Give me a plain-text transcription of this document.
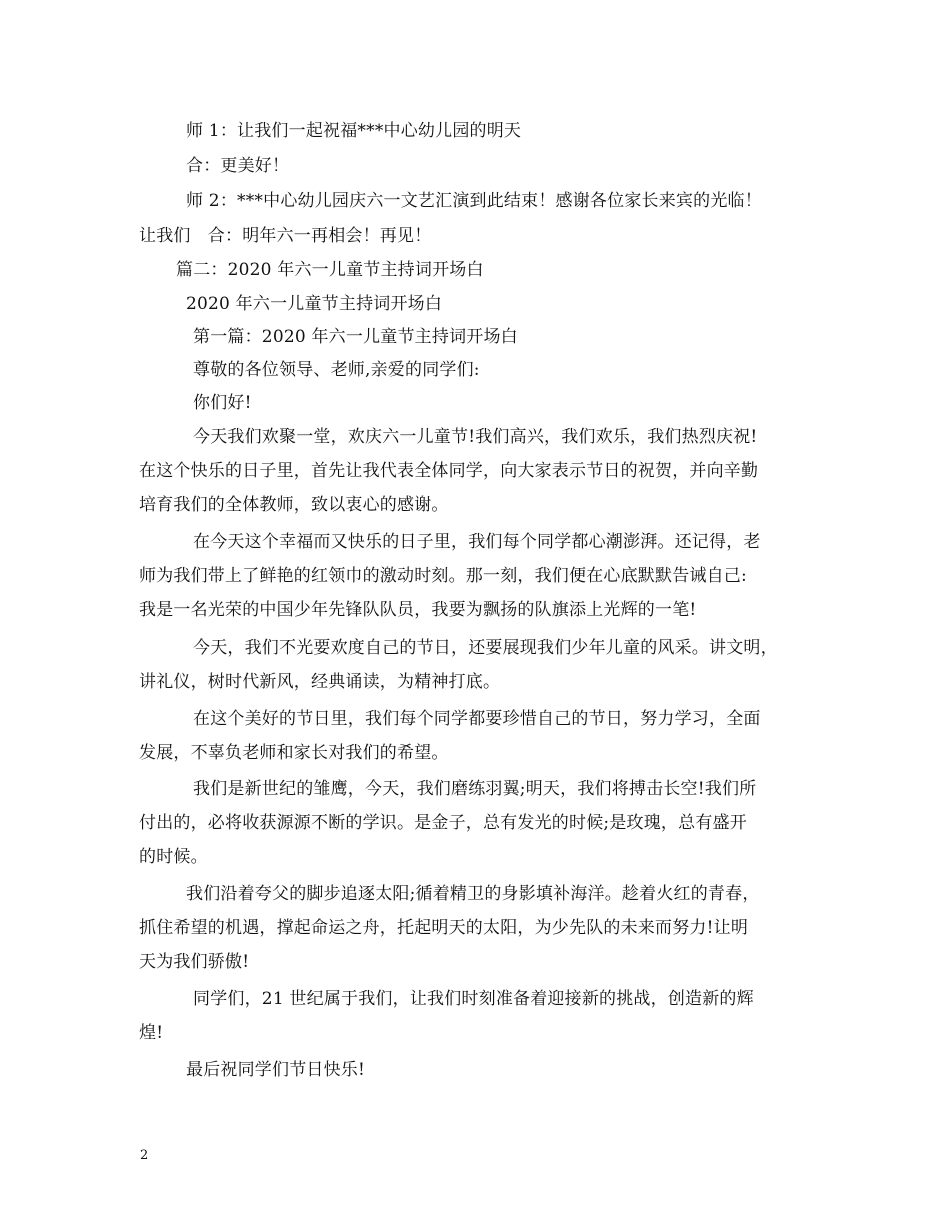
师 1：让我们一起祝福***中心幼儿园的明天
合：更美好！
师 2：***中心幼儿园庆六一文艺汇演到此结束！感谢各位家长来宾的光临！
让我们　合：明年六一再相会！再见！
篇二：2020 年六一儿童节主持词开场白
2020 年六一儿童节主持词开场白
第一篇：2020 年六一儿童节主持词开场白
尊敬的各位领导、老师,亲爱的同学们:
你们好!
今天我们欢聚一堂，欢庆六一儿童节!我们高兴，我们欢乐，我们热烈庆祝!
在这个快乐的日子里，首先让我代表全体同学，向大家表示节日的祝贺，并向辛勤
培育我们的全体教师，致以衷心的感谢。
在今天这个幸福而又快乐的日子里，我们每个同学都心潮澎湃。还记得，老
师为我们带上了鲜艳的红领巾的激动时刻。那一刻，我们便在心底默默告诫自己:
我是一名光荣的中国少年先锋队队员，我要为飘扬的队旗添上光辉的一笔!
今天，我们不光要欢度自己的节日，还要展现我们少年儿童的风采。讲文明，
讲礼仪，树时代新风，经典诵读，为精神打底。
在这个美好的节日里，我们每个同学都要珍惜自己的节日，努力学习，全面
发展，不辜负老师和家长对我们的希望。
我们是新世纪的雏鹰，今天，我们磨练羽翼;明天，我们将搏击长空!我们所
付出的，必将收获源源不断的学识。是金子，总有发光的时候;是玫瑰，总有盛开
的时候。
我们沿着夸父的脚步追逐太阳;循着精卫的身影填补海洋。趁着火红的青春，
抓住希望的机遇，撑起命运之舟，托起明天的太阳，为少先队的未来而努力!让明
天为我们骄傲!
同学们，21 世纪属于我们，让我们时刻准备着迎接新的挑战，创造新的辉
煌!
最后祝同学们节日快乐!
2
